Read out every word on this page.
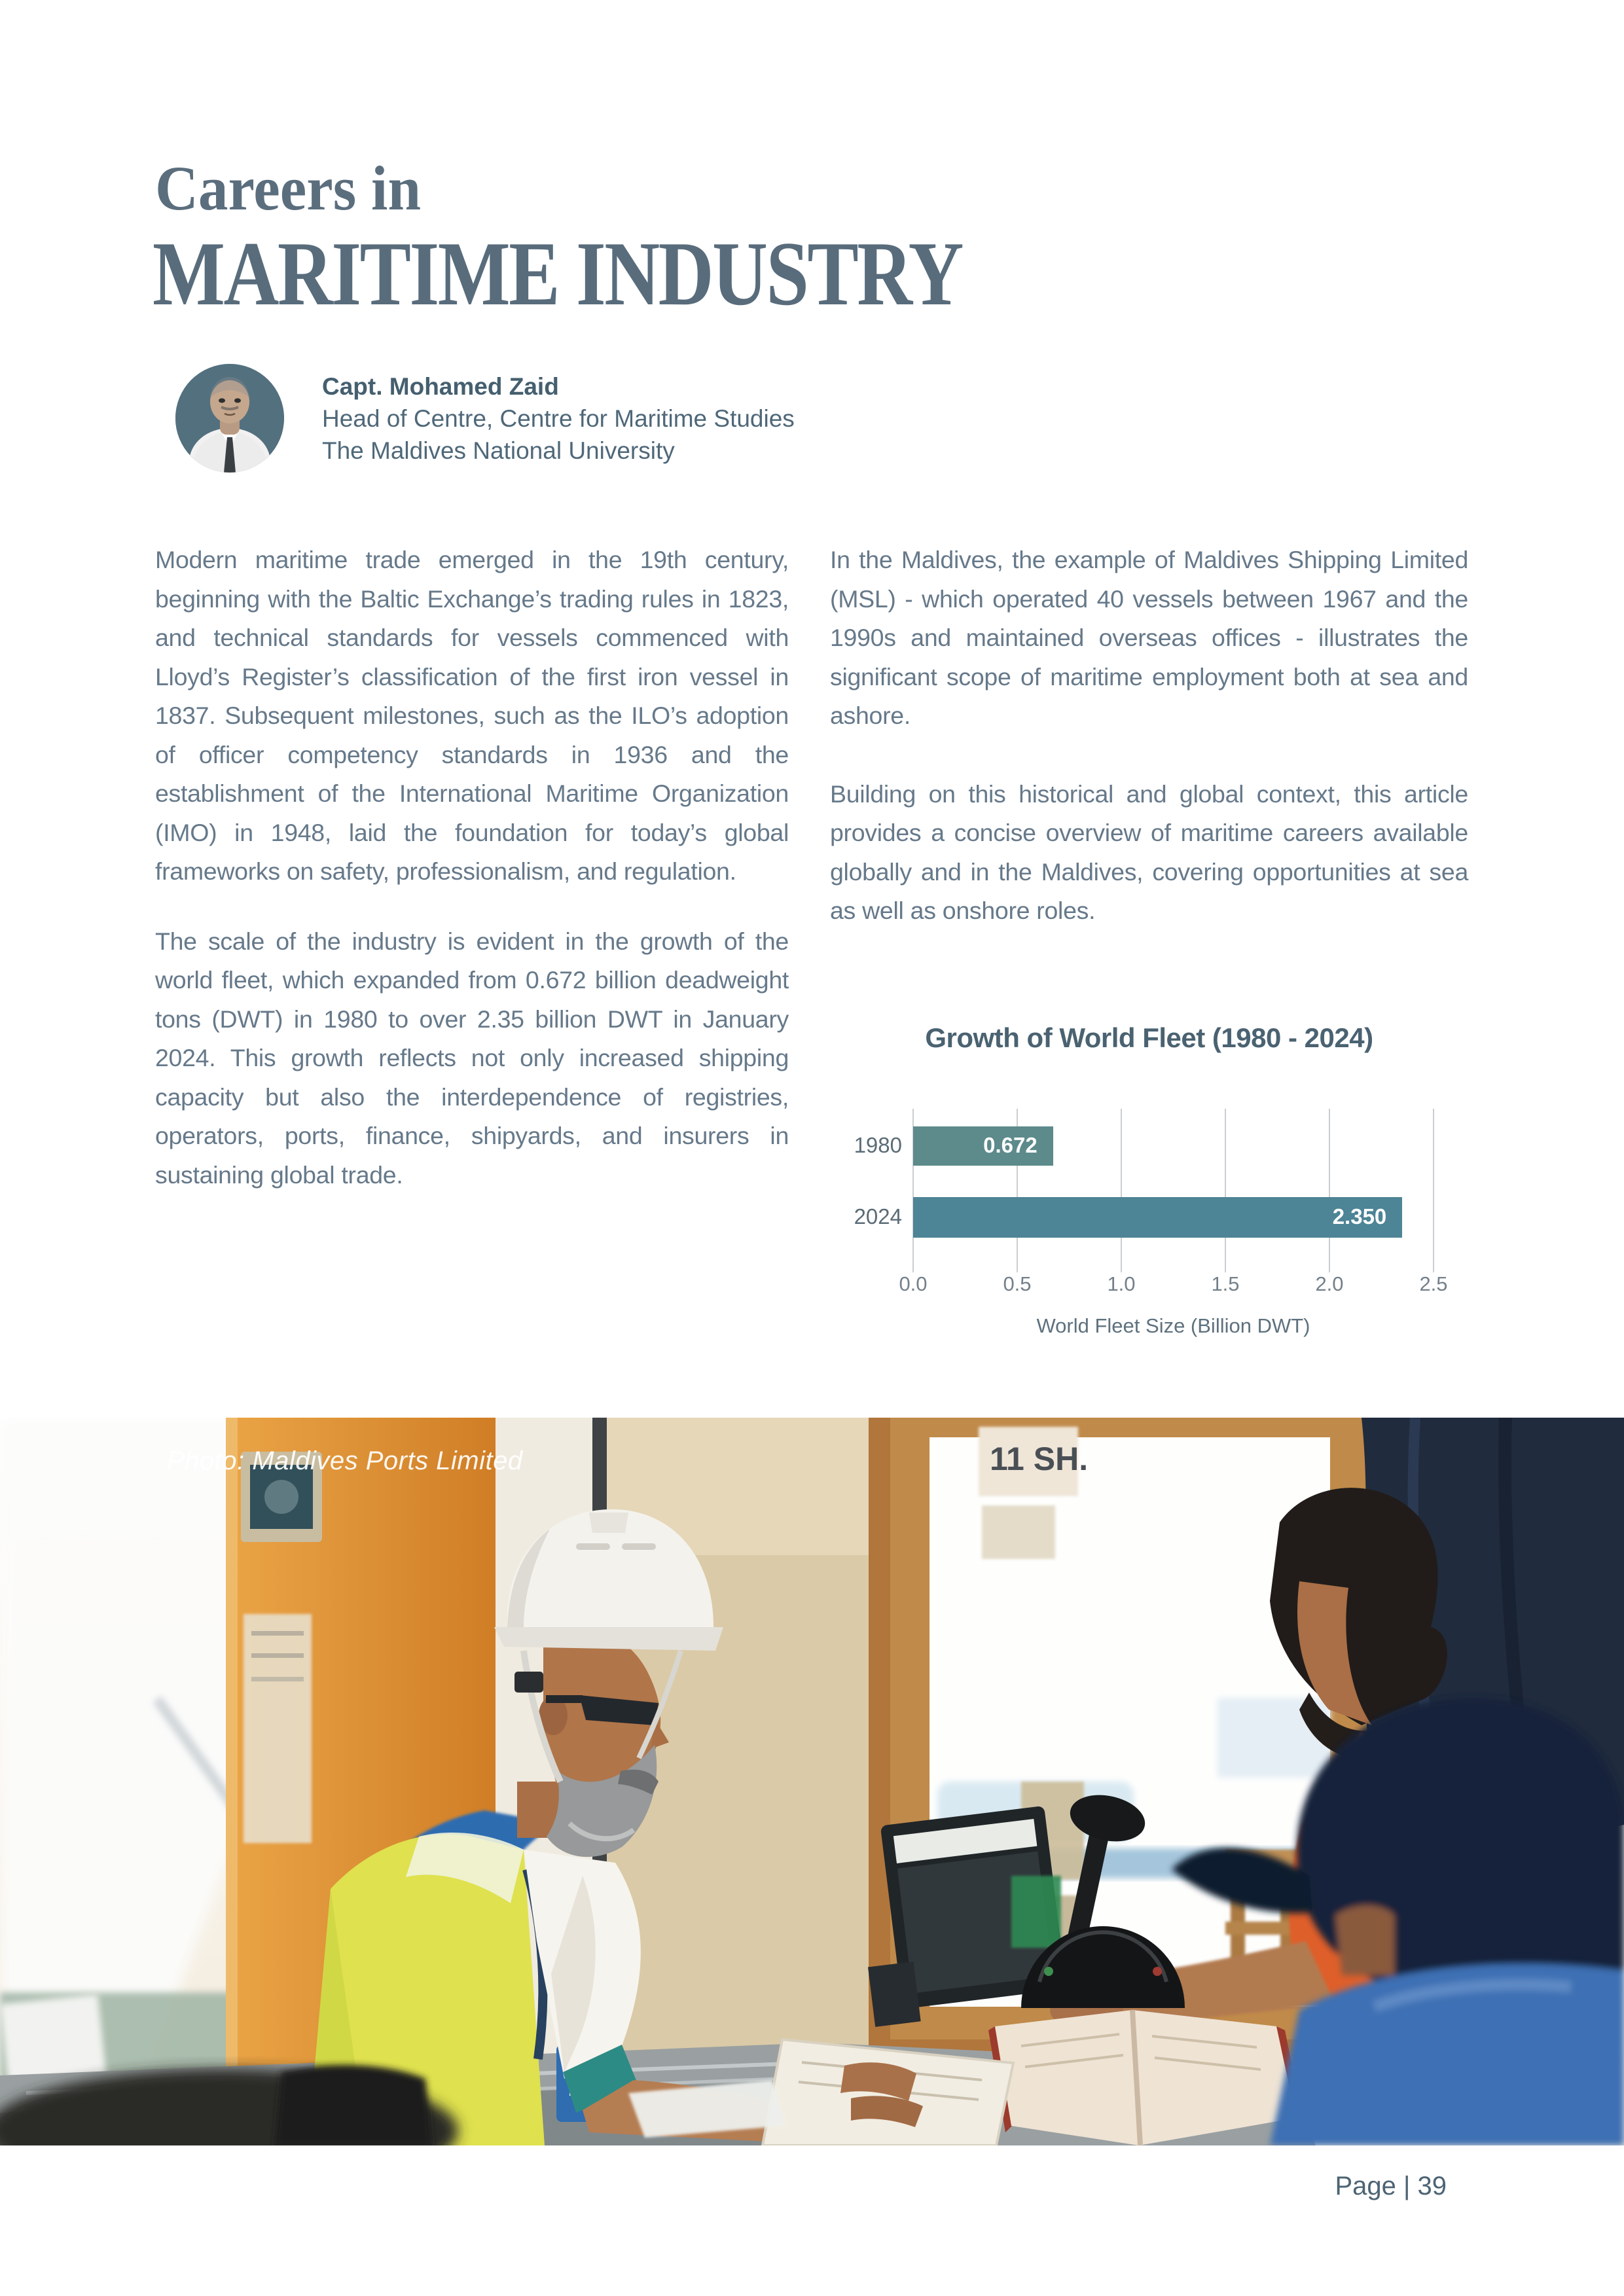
Careers in
MARITIME INDUSTRY
Capt. Mohamed Zaid
Head of Centre, Centre for Maritime Studies
The Maldives National University

Modern maritime trade emerged in the 19th century, beginning with the Baltic Exchange’s trading rules in 1823, and technical standards for vessels commenced with Lloyd’s Register’s classification of the first iron vessel in 1837. Subsequent milestones, such as the ILO’s adoption of officer competency standards in 1936 and the establishment of the International Maritime Organization (IMO) in 1948, laid the foundation for today’s global frameworks on safety, professionalism, and regulation.

The scale of the industry is evident in the growth of the world fleet, which expanded from 0.672 billion deadweight tons (DWT) in 1980 to over 2.35 billion DWT in January 2024. This growth reflects not only increased shipping capacity but also the interdependence of registries, operators, ports, finance, shipyards, and insurers in sustaining global trade.

In the Maldives, the example of Maldives Shipping Limited (MSL) - which operated 40 vessels between 1967 and the 1990s and maintained overseas offices - illustrates the significant scope of maritime employment both at sea and ashore.

Building on this historical and global context, this article provides a concise overview of maritime careers available globally and in the Maldives, covering opportunities at sea as well as onshore roles.

Growth of World Fleet (1980 - 2024)
0.672
2.350
World Fleet Size (Billion DWT)
0.0	0.5	1.0	1.5	2.0	2.5
1980
2024
11 SH.
Photo: Maldives Ports Limited
Page | 39
